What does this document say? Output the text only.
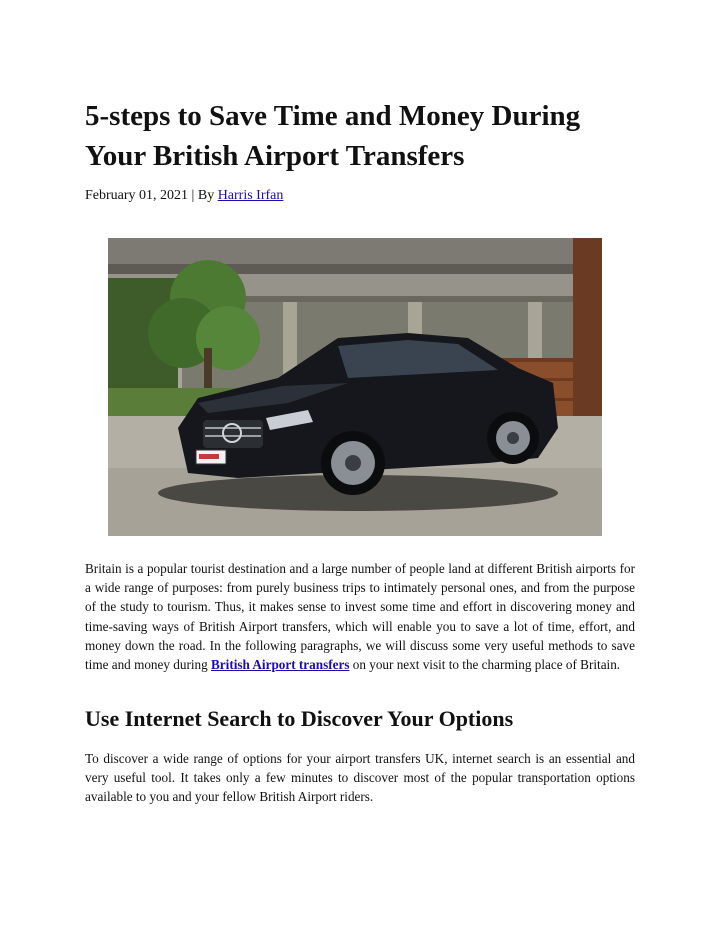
5-steps to Save Time and Money During Your British Airport Transfers
February 01, 2021 | By Harris Irfan

Britain is a popular tourist destination and a large number of people land at different British airports for a wide range of purposes: from purely business trips to intimately personal ones, and from the purpose of the study to tourism. Thus, it makes sense to invest some time and effort in discovering money and time-saving ways of British Airport transfers, which will enable you to save a lot of time, effort, and money down the road. In the following paragraphs, we will discuss some very useful methods to save time and money during British Airport transfers on your next visit to the charming place of Britain.

Use Internet Search to Discover Your Options

To discover a wide range of options for your airport transfers UK, internet search is an essential and very useful tool. It takes only a few minutes to discover most of the popular transportation options available to you and your fellow British Airport riders.
